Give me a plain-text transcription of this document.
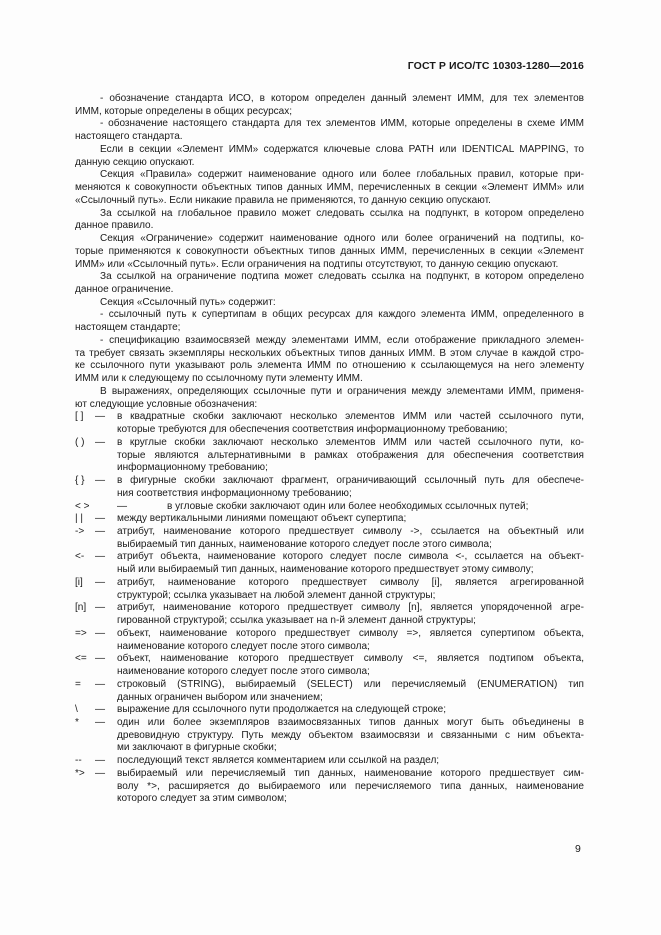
ГОСТ Р ИСО/ТС 10303-1280—2016

- обозначение стандарта ИСО, в котором определен данный элемент ИММ, для тех элементов

ИММ, которые определены в общих ресурсах;

- обозначение настоящего стандарта для тех элементов ИММ, которые определены в схеме ИММ

настоящего стандарта.

Если в секции «Элемент ИММ» содержатся ключевые слова PATH или IDENTICAL MAPPING, то

данную секцию опускают.

Секция «Правила» содержит наименование одного или более глобальных правил, которые при-

меняются к совокупности объектных типов данных ИММ, перечисленных в секции «Элемент ИММ» или

«Ссылочный путь». Если никакие правила не применяются, то данную секцию опускают.

За ссылкой на глобальное правило может следовать ссылка на подпункт, в котором определено

данное правило.

Секция «Ограничение» содержит наименование одного или более ограничений на подтипы, ко-

торые применяются к совокупности объектных типов данных ИММ, перечисленных в секции «Элемент

ИММ» или «Ссылочный путь». Если ограничения на подтипы отсутствуют, то данную секцию опускают.

За ссылкой на ограничение подтипа может следовать ссылка на подпункт, в котором определено

данное ограничение.

Секция «Ссылочный путь» содержит:

- ссылочный путь к супертипам в общих ресурсах для каждого элемента ИММ, определенного в

настоящем стандарте;

- спецификацию взаимосвязей между элементами ИММ, если отображение прикладного элемен-

та требует связать экземпляры нескольких объектных типов данных ИММ. В этом случае в каждой стро-

ке ссылочного пути указывают роль элемента ИММ по отношению к ссылающемуся на него элементу

ИММ или к следующему по ссылочному пути элементу ИММ.

В выражениях, определяющих ссылочные пути и ограничения между элементами ИММ, применя-

ют следующие условные обозначения:

[ ]	—	в квадратные скобки заключают несколько элементов ИММ или частей ссылочного пути,
которые требуются для обеспечения соответствия информационному требованию;
( )	—	в круглые скобки заключают несколько элементов ИММ или частей ссылочного пути, ко-
торые являются альтернативными в рамках отображения для обеспечения соответствия
информационному требованию;
{ }	—	в фигурные скобки заключают фрагмент, ограничивающий ссылочный путь для обеспече-
ния соответствия информационному требованию;
< >	—	в угловые скобки заключают один или более необходимых ссылочных путей;
| |	—	между вертикальными линиями помещают объект супертипа;
->	—	атрибут, наименование которого предшествует символу ->, ссылается на объектный или
выбираемый тип данных, наименование которого следует после этого символа;
<-	—	атрибут объекта, наименование которого следует после символа <-, ссылается на объект-
ный или выбираемый тип данных, наименование которого предшествует этому символу;
[i]	—	атрибут, наименование которого предшествует символу [i], является агрегированной
структурой; ссылка указывает на любой элемент данной структуры;
[n] —	атрибут, наименование которого предшествует символу [n], является упорядоченной агре-
гированной структурой; ссылка указывает на n-й элемент данной структуры;
=> —	объект, наименование которого предшествует символу =>, является супертипом объекта,
наименование которого следует после этого символа;
<= —	объект, наименование которого предшествует символу <=, является подтипом объекта,
наименование которого следует после этого символа;
=	—	строковый (STRING), выбираемый (SELECT) или перечисляемый (ENUMERATION) тип
данных ограничен выбором или значением;
\	—	выражение для ссылочного пути продолжается на следующей строке;
*	—	один или более экземпляров взаимосвязанных типов данных могут быть объединены в
древовидную структуру. Путь между объектом взаимосвязи и связанными с ним объекта-
ми заключают в фигурные скобки;
--	—	последующий текст является комментарием или ссылкой на раздел;
*>	—	выбираемый или перечисляемый тип данных, наименование которого предшествует сим-
волу *>, расширяется до выбираемого или перечисляемого типа данных, наименование
которого следует за этим символом;
9
